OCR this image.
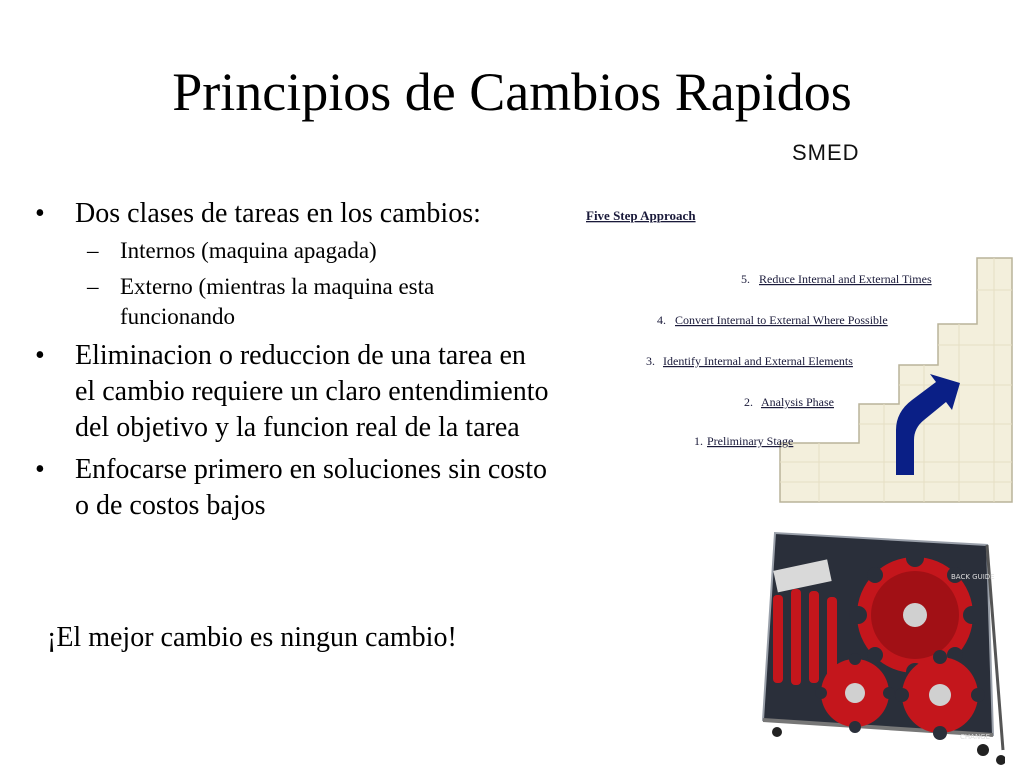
Principios de Cambios Rapidos
• Dos clases de tareas en los cambios:
– Internos (maquina apagada)
– Externo (mientras la maquina esta funcionando
• Eliminacion o reduccion de una tarea en el cambio requiere un claro entendimiento del objetivo y la funcion real de la tarea
• Enfocarse primero en soluciones sin costo o de costos bajos
¡El mejor cambio es ningun cambio!
SMED
Five Step Approach
5. Reduce Internal and External Times
4. Convert Internal to External Where Possible
3. Identify Internal and External Elements
2. Analysis Phase
1. Preliminary Stage
BACK GUIDE
CHANGE
